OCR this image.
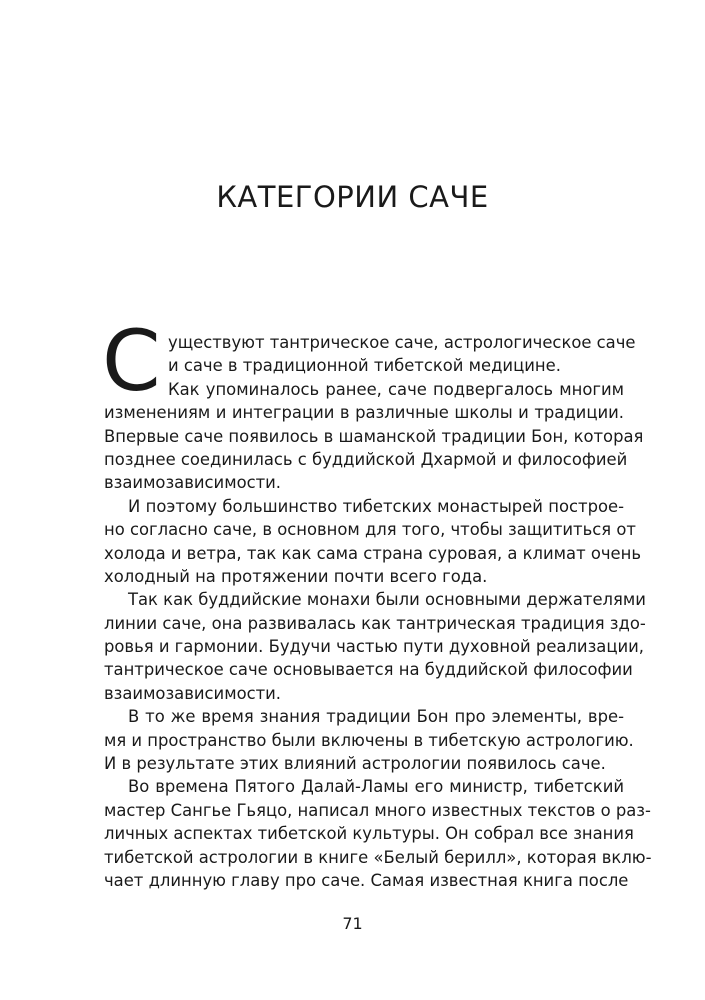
КАТЕГОРИИ САЧЕ
С уществуют тантрическое саче, астрологическое саче
и саче в традиционной тибетской медицине.
Как упоминалось ранее, саче подвергалось многим
изменениям и интеграции в различные школы и традиции.
Впервые саче появилось в шаманской традиции Бон, которая
позднее соединилась с буддийской Дхармой и философией
взаимозависимости.
И поэтому большинство тибетских монастырей построе-
но согласно саче, в основном для того, чтобы защититься от
холода и ветра, так как сама страна суровая, а климат очень
холодный на протяжении почти всего года.
Так как буддийские монахи были основными держателями
линии саче, она развивалась как тантрическая традиция здо-
ровья и гармонии. Будучи частью пути духовной реализации,
тантрическое саче основывается на буддийской философии
взаимозависимости.
В то же время знания традиции Бон про элементы, вре-
мя и пространство были включены в тибетскую астрологию.
И в результате этих влияний астрологии появилось саче.
Во времена Пятого Далай-Ламы его министр, тибетский
мастер Сангье Гьяцо, написал много известных текстов о раз-
личных аспектах тибетской культуры. Он собрал все знания
тибетской астрологии в книге «Белый берилл», которая вклю-
чает длинную главу про саче. Самая известная книга после
71
